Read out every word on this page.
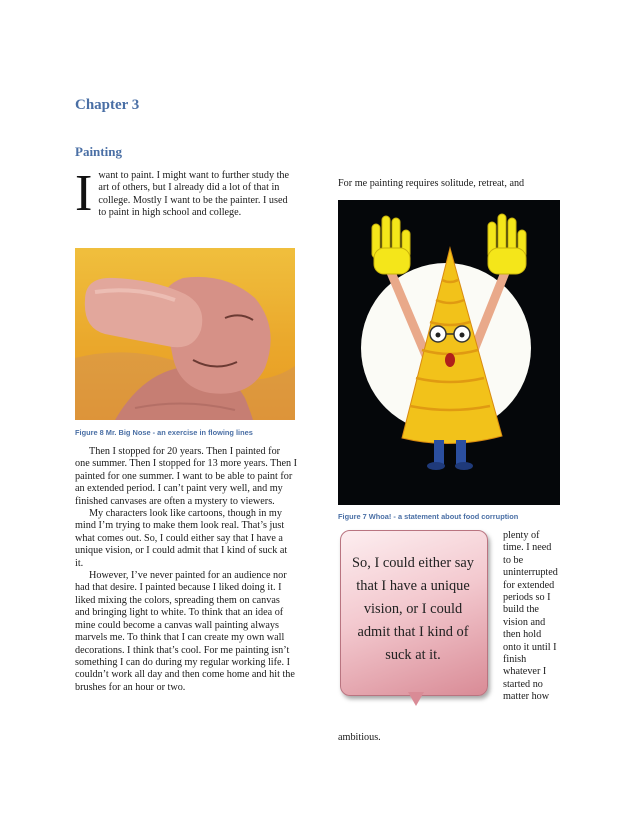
Chapter 3
Painting

I want to paint. I might want to further study the art of others, but I already did a lot of that in college. Mostly I want to be the painter. I used to paint in high school and college.

Figure 8 Mr. Big Nose - an exercise in flowing lines

Then I stopped for 20 years. Then I painted for one summer. Then I stopped for 13 more years. Then I painted for one summer. I want to be able to paint for an extended period. I can’t paint very well, and my finished canvases are often a mystery to viewers.

My characters look like cartoons, though in my mind I’m trying to make them look real. That’s just what comes out. So, I could either say that I have a unique vision, or I could admit that I kind of suck at it.

However, I’ve never painted for an audience nor had that desire. I painted because I liked doing it. I liked mixing the colors, spreading them on canvas and bringing light to white. To think that an idea of mine could become a canvas wall painting always marvels me. To think that I can create my own wall decorations. I think that’s cool. For me painting isn’t something I can do during my regular working life. I couldn’t work all day and then come home and hit the brushes for an hour or two.

For me painting requires solitude, retreat, and
Figure 7 Whoa! - a statement about food corruption
So, I could either say that I have a unique vision, or I could admit that I kind of suck at it.
plenty of time. I need to be uninterrupted for extended periods so I build the vision and then hold onto it until I finish whatever I started no matter how
ambitious.
